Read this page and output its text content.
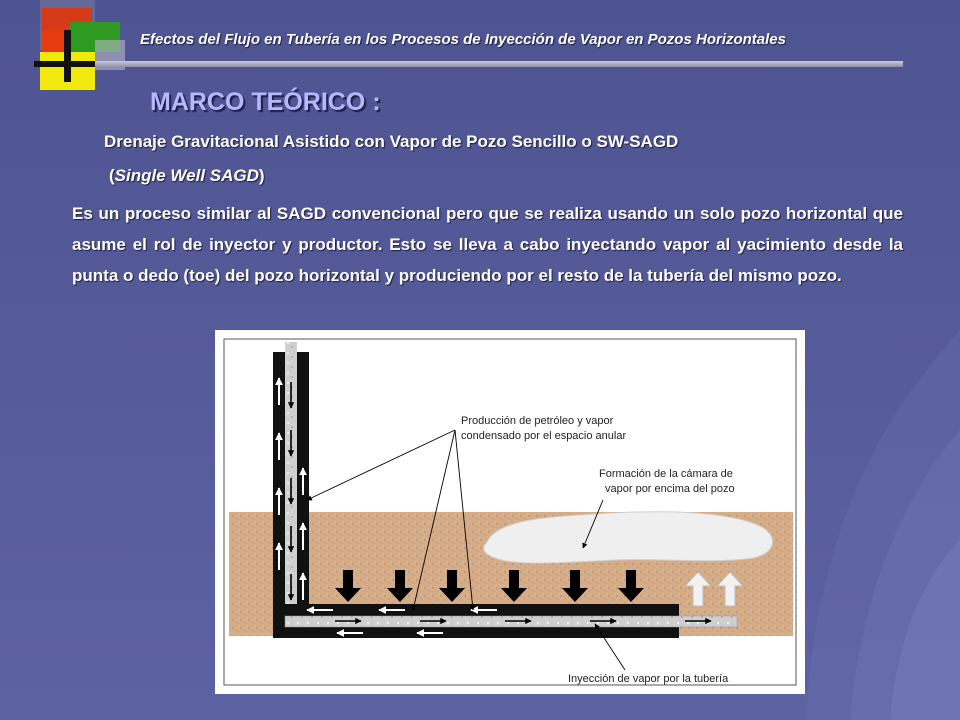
Efectos del Flujo en Tubería en los Procesos de Inyección de Vapor en Pozos Horizontales
MARCO TEÓRICO :
Drenaje Gravitacional Asistido con Vapor de Pozo Sencillo o SW-SAGD
(Single Well SAGD)

Es un proceso similar al SAGD convencional pero que se realiza usando un solo pozo horizontal que asume el rol de inyector y productor. Esto se lleva a cabo inyectando vapor al yacimiento desde la punta o dedo (toe) del pozo horizontal y produciendo por el resto de la tubería del mismo pozo.

Producción de petróleo y vapor
condensado por el espacio anular
Formación de la cámara de
vapor por encima del pozo
Inyección de vapor por la tubería
